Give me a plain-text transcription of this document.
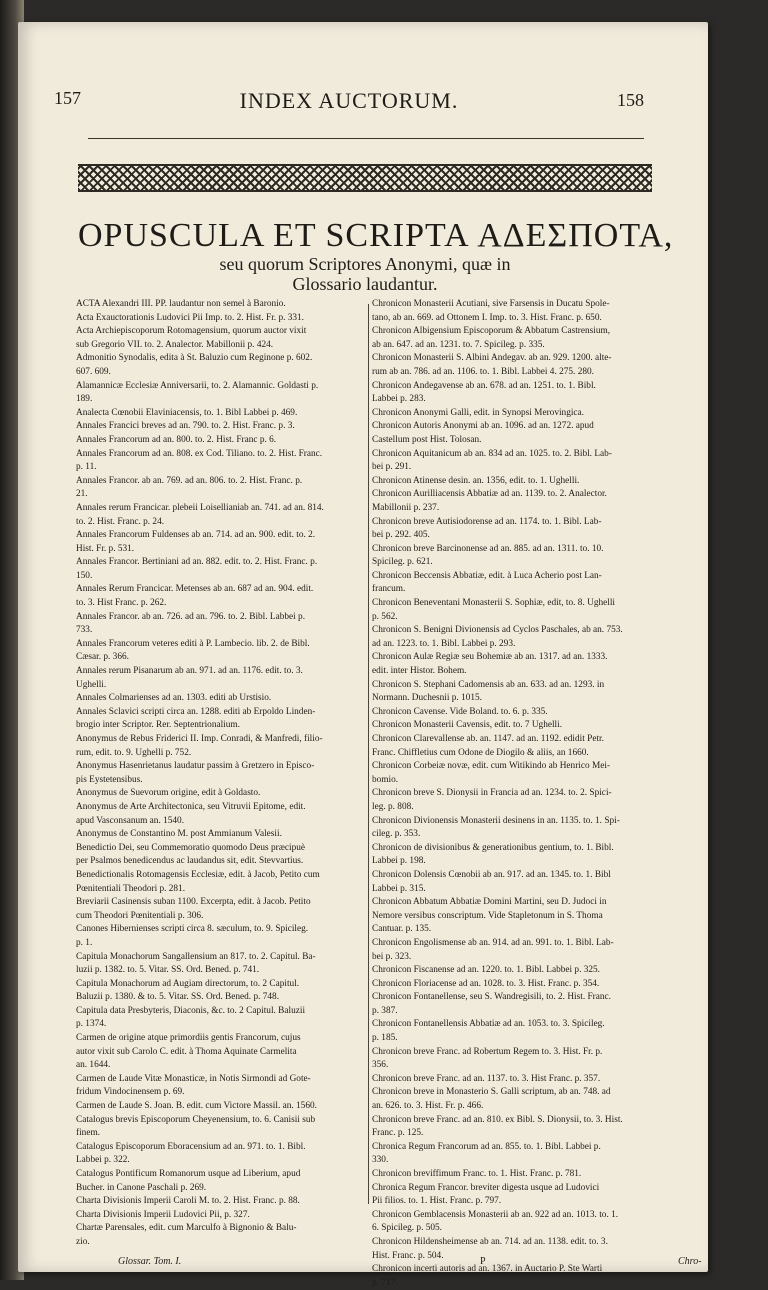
157	INDEX AUCTORUM.	158
OPUSCULA ET SCRIPTA ΑΔΕΣΠΟΤΑ,
seu quorum Scriptores Anonymi, quæ in
Glossario laudantur.
ACTA Alexandri III. PP. laudantur non semel à Baronio.
Acta Exauctorationis Ludovici Pii Imp. to. 2. Hist. Fr. p. 331.
Acta Archiepiscoporum Rotomagensium, quorum auctor vixit
sub Gregorio VII. to. 2. Analector. Mabillonii p. 424.
Admonitio Synodalis, edita à St. Baluzio cum Reginone p. 602.
607. 609.
Alamannicæ Ecclesiæ Anniversarii, to. 2. Alamannic. Goldasti p.
189.
Analecta Cœnobii Elaviniacensis, to. 1. Bibl Labbei p. 469.
Annales Francici breves ad an. 790. to. 2. Hist. Franc. p. 3.
Annales Francorum ad an. 800. to. 2. Hist. Franc p. 6.
Annales Francorum ad an. 808. ex Cod. Tiliano. to. 2. Hist. Franc.
p. 11.
Annales Francor. ab an. 769. ad an. 806. to. 2. Hist. Franc. p.
21.
Annales rerum Francicar. plebeii Loisellianiab an. 741. ad an. 814.
to. 2. Hist. Franc. p. 24.
Annales Francorum Fuldenses ab an. 714. ad an. 900. edit. to. 2.
Hist. Fr. p. 531.
Annales Francor. Bertiniani ad an. 882. edit. to. 2. Hist. Franc. p.
150.
Annales Rerum Francicar. Metenses ab an. 687 ad an. 904. edit.
to. 3. Hist Franc. p. 262.
Annales Francor. ab an. 726. ad an. 796. to. 2. Bibl. Labbei p.
733.
Annales Francorum veteres editi à P. Lambecio. lib. 2. de Bibl.
Cæsar. p. 366.
Annales rerum Pisanarum ab an. 971. ad an. 1176. edit. to. 3.
Ughelli.
Annales Colmarienses ad an. 1303. editi ab Urstisio.
Annales Sclavici scripti circa an. 1288. editi ab Erpoldo Linden-
brogio inter Scriptor. Rer. Septentrionalium.
Anonymus de Rebus Friderici II. Imp. Conradi, & Manfredi, filio-
rum, edit. to. 9. Ughelli p. 752.
Anonymus Hasenrietanus laudatur passim à Gretzero in Episco-
pis Eystetensibus.
Anonymus de Suevorum origine, edit à Goldasto.
Anonymus de Arte Architectonica, seu Vitruvii Epitome, edit.
apud Vasconsanum an. 1540.
Anonymus de Constantino M. post Ammianum Valesii.
Benedictio Dei, seu Commemoratio quomodo Deus præcipuè
per Psalmos benedicendus ac laudandus sit, edit. Stevvartius.
Benedictionalis Rotomagensis Ecclesiæ, edit. à Jacob, Petito cum
Pœnitentiali Theodori p. 281.
Breviarii Casinensis suban 1100. Excerpta, edit. à Jacob. Petito
cum Theodori Pœnitentiali p. 306.
Canones Hibernienses scripti circa 8. sæculum, to. 9. Spicileg.
p. 1.
Capitula Monachorum Sangallensium an 817. to. 2. Capitul. Ba-
luzii p. 1382. to. 5. Vitar. SS. Ord. Bened. p. 741.
Capitula Monachorum ad Augiam directorum, to. 2 Capitul.
Baluzii p. 1380. & to. 5. Vitar. SS. Ord. Bened. p. 748.
Capitula data Presbyteris, Diaconis, &c. to. 2 Capitul. Baluzii
p. 1374.
Carmen de origine atque primordiis gentis Francorum, cujus
autor vixit sub Carolo C. edit. à Thoma Aquinate Carmelita
an. 1644.
Carmen de Laude Vitæ Monasticæ, in Notis Sirmondi ad Gote-
fridum Vindocinensem p. 69.
Carmen de Laude S. Joan. B. edit. cum Victore Massil. an. 1560.
Catalogus brevis Episcoporum Cheyenensium, to. 6. Canisii sub
finem.
Catalogus Episcoporum Eboracensium ad an. 971. to. 1. Bibl.
Labbei p. 322.
Catalogus Pontificum Romanorum usque ad Liberium, apud
Bucher. in Canone Paschali p. 269.
Charta Divisionis Imperii Caroli M. to. 2. Hist. Franc. p. 88.
Charta Divisionis Imperii Ludovici Pii, p. 327.
Chartæ Parensales, edit. cum Marculfo à Bignonio & Balu-
zio.
Chronicon Monasterii Acutiani, sive Farsensis in Ducatu Spole-
tano, ab an. 669. ad Ottonem I. Imp. to. 3. Hist. Franc. p. 650.
Chronicon Albigensium Episcoporum & Abbatum Castrensium,
ab an. 647. ad an. 1231. to. 7. Spicileg. p. 335.
Chronicon Monasterii S. Albini Andegav. ab an. 929. 1200. alte-
rum ab an. 786. ad an. 1106. to. 1. Bibl. Labbei 4. 275. 280.
Chronicon Andegavense ab an. 678. ad an. 1251. to. 1. Bibl.
Labbei p. 283.
Chronicon Anonymi Galli, edit. in Synopsi Merovingica.
Chronicon Autoris Anonymi ab an. 1096. ad an. 1272. apud
Castellum post Hist. Tolosan.
Chronicon Aquitanicum ab an. 834 ad an. 1025. to. 2. Bibl. Lab-
bei p. 291.
Chronicon Atinense desin. an. 1356, edit. to. 1. Ughelli.
Chronicon Aurilliacensis Abbatiæ ad an. 1139. to. 2. Analector.
Mabillonii p. 237.
Chronicon breve Autisiodorense ad an. 1174. to. 1. Bibl. Lab-
bei p. 292. 405.
Chronicon breve Barcinonense ad an. 885. ad an. 1311. to. 10.
Spicileg. p. 621.
Chronicon Beccensis Abbatiæ, edit. à Luca Acherio post Lan-
francum.
Chronicon Beneventani Monasterii S. Sophiæ, edit, to. 8. Ughelli
p. 562.
Chronicon S. Benigni Divionensis ad Cyclos Paschales, ab an. 753.
ad an. 1223. to. 1. Bibl. Labbei p. 293.
Chronicon Aulæ Regiæ seu Bohemiæ ab an. 1317. ad an. 1333.
edit. inter Histor. Bohem.
Chronicon S. Stephani Cadomensis ab an. 633. ad an. 1293. in
Normann. Duchesnii p. 1015.
Chronicon Cavense. Vide Boland. to. 6. p. 335.
Chronicon Monasterii Cavensis, edit. to. 7 Ughelli.
Chronicon Clarevallense ab. an. 1147. ad an. 1192. edidit Petr.
Franc. Chiffletius cum Odone de Diogilo & aliis, an 1660.
Chronicon Corbeiæ novæ, edit. cum Witikindo ab Henrico Mei-
bomio.
Chronicon breve S. Dionysii in Francia ad an. 1234. to. 2. Spici-
leg. p. 808.
Chronicon Divionensis Monasterii desinens in an. 1135. to. 1. Spi-
cileg. p. 353.
Chronicon de divisionibus & generationibus gentium, to. 1. Bibl.
Labbei p. 198.
Chronicon Dolensis Cœnobii ab an. 917. ad an. 1345. to. 1. Bibl
Labbei p. 315.
Chronicon Abbatum Abbatiæ Domini Martini, seu D. Judoci in
Nemore versibus conscriptum. Vide Stapletonum in S. Thoma
Cantuar. p. 135.
Chronicon Engolismense ab an. 914. ad an. 991. to. 1. Bibl. Lab-
bei p. 323.
Chronicon Fiscanense ad an. 1220. to. 1. Bibl. Labbei p. 325.
Chronicon Floriacense ad an. 1028. to. 3. Hist. Franc. p. 354.
Chronicon Fontanellense, seu S. Wandregisili, to. 2. Hist. Franc.
p. 387.
Chronicon Fontanellensis Abbatiæ ad an. 1053. to. 3. Spicileg.
p. 185.
Chronicon breve Franc. ad Robertum Regem to. 3. Hist. Fr. p.
356.
Chronicon breve Franc. ad an. 1137. to. 3. Hist Franc. p. 357.
Chronicon breve in Monasterio S. Galli scriptum, ab an. 748. ad
an. 626. to. 3. Hist. Fr. p. 466.
Chronicon breve Franc. ad an. 810. ex Bibl. S. Dionysii, to. 3. Hist.
Franc. p. 125.
Chronica Regum Francorum ad an. 855. to. 1. Bibl. Labbei p.
330.
Chronicon breviffimum Franc. to. 1. Hist. Franc. p. 781.
Chronica Regum Francor. breviter digesta usque ad Ludovici
Pii filios. to. 1. Hist. Franc. p. 797.
Chronicon Gemblacensis Monasterii ab an. 922 ad an. 1013. to. 1.
6. Spicileg. p. 505.
Chronicon Hildensheimense ab an. 714. ad an. 1138. edit. to. 3.
Hist. Franc. p. 504.
Chronicon incerti autoris ad an. 1367. in Auctario P. Ste Warti
p. 717.
Glossar. Tom. I.	P	Chro-
